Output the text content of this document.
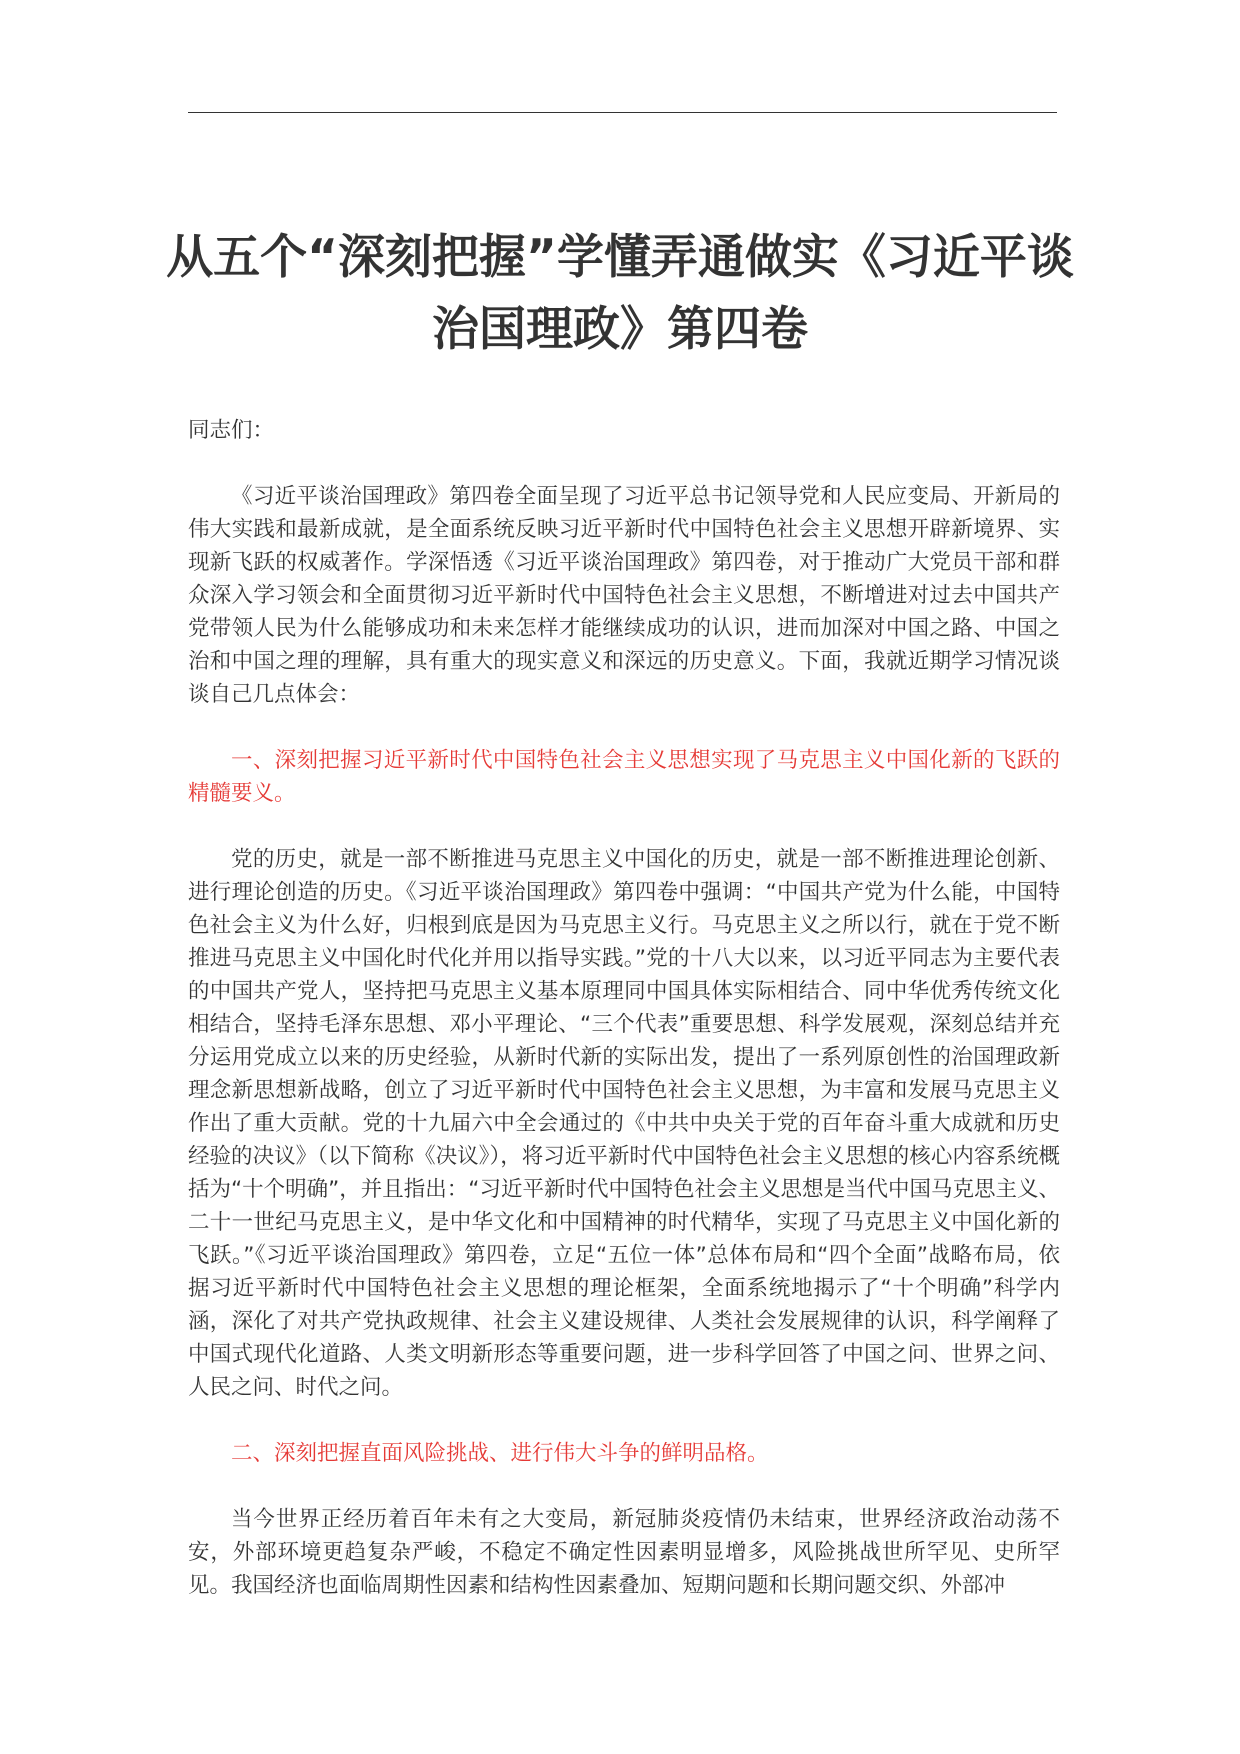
从五个“深刻把握”学懂弄通做实《习近平谈治国理政》第四卷

同志们：

《习近平谈治国理政》第四卷全面呈现了习近平总书记领导党和人民应变局、开新局的伟大实践和最新成就，是全面系统反映习近平新时代中国特色社会主义思想开辟新境界、实现新飞跃的权威著作。学深悟透《习近平谈治国理政》第四卷，对于推动广大党员干部和群众深入学习领会和全面贯彻习近平新时代中国特色社会主义思想，不断增进对过去中国共产党带领人民为什么能够成功和未来怎样才能继续成功的认识，进而加深对中国之路、中国之治和中国之理的理解，具有重大的现实意义和深远的历史意义。下面，我就近期学习情况谈谈自己几点体会：

一、深刻把握习近平新时代中国特色社会主义思想实现了马克思主义中国化新的飞跃的精髓要义。

党的历史，就是一部不断推进马克思主义中国化的历史，就是一部不断推进理论创新、进行理论创造的历史。《习近平谈治国理政》第四卷中强调：“中国共产党为什么能，中国特色社会主义为什么好，归根到底是因为马克思主义行。马克思主义之所以行，就在于党不断推进马克思主义中国化时代化并用以指导实践。”党的十八大以来，以习近平同志为主要代表的中国共产党人，坚持把马克思主义基本原理同中国具体实际相结合、同中华优秀传统文化相结合，坚持毛泽东思想、邓小平理论、“三个代表”重要思想、科学发展观，深刻总结并充分运用党成立以来的历史经验，从新时代新的实际出发，提出了一系列原创性的治国理政新理念新思想新战略，创立了习近平新时代中国特色社会主义思想，为丰富和发展马克思主义作出了重大贡献。党的十九届六中全会通过的《中共中央关于党的百年奋斗重大成就和历史经验的决议》（以下简称《决议》），将习近平新时代中国特色社会主义思想的核心内容系统概括为“十个明确”，并且指出：“习近平新时代中国特色社会主义思想是当代中国马克思主义、二十一世纪马克思主义，是中华文化和中国精神的时代精华，实现了马克思主义中国化新的飞跃。”《习近平谈治国理政》第四卷，立足“五位一体”总体布局和“四个全面”战略布局，依据习近平新时代中国特色社会主义思想的理论框架，全面系统地揭示了“十个明确”科学内涵，深化了对共产党执政规律、社会主义建设规律、人类社会发展规律的认识，科学阐释了中国式现代化道路、人类文明新形态等重要问题，进一步科学回答了中国之问、世界之问、人民之问、时代之问。

二、深刻把握直面风险挑战、进行伟大斗争的鲜明品格。

当今世界正经历着百年未有之大变局，新冠肺炎疫情仍未结束，世界经济政治动荡不安，外部环境更趋复杂严峻，不稳定不确定性因素明显增多，风险挑战世所罕见、史所罕见。我国经济也面临周期性因素和结构性因素叠加、短期问题和长期问题交织、外部冲
